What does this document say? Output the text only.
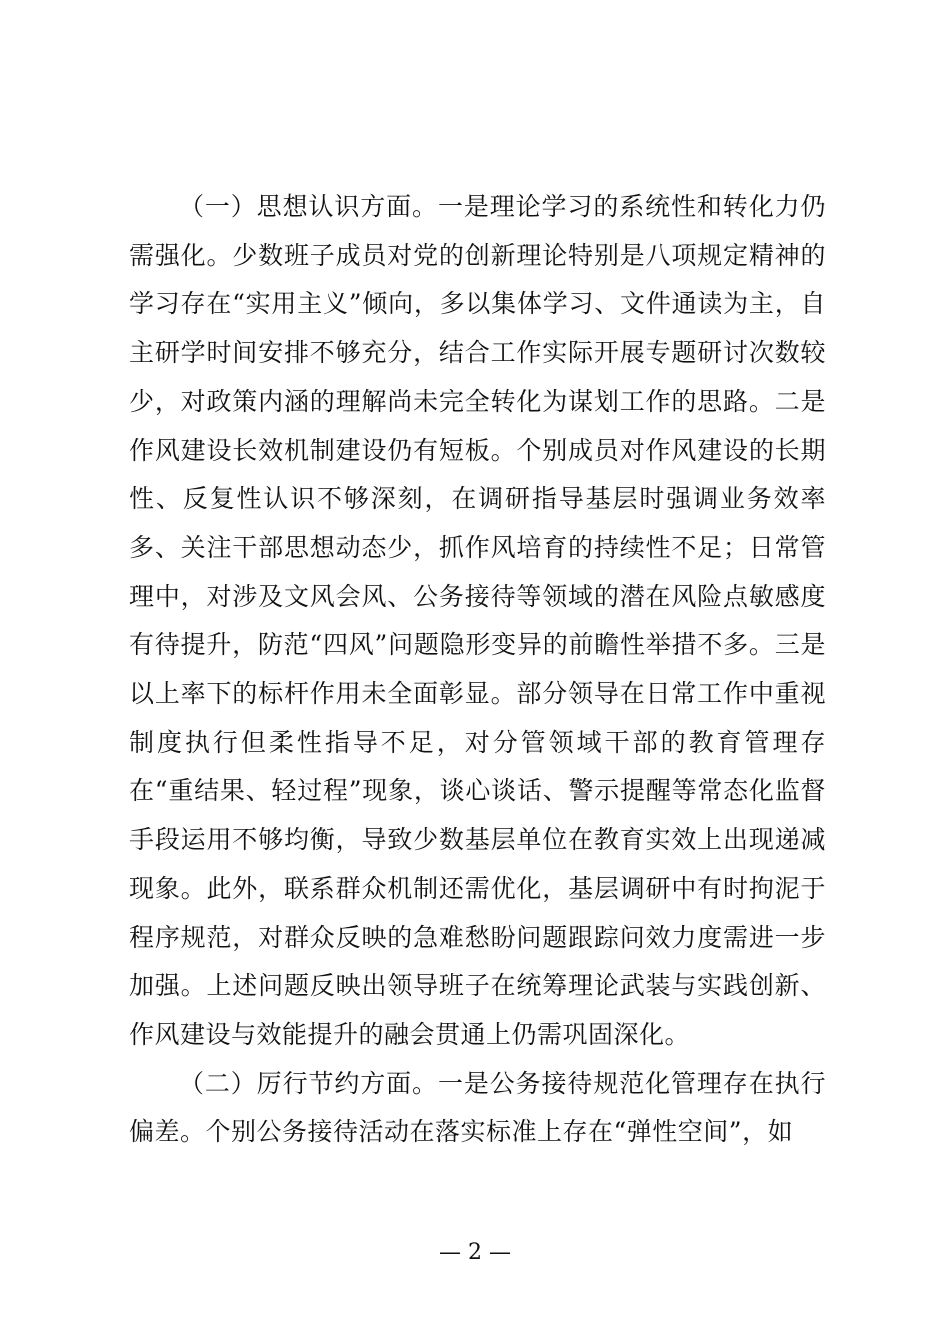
（一）思想认识方面。一是理论学习的系统性和转化力仍需强化。少数班子成员对党的创新理论特别是八项规定精神的学习存在“实用主义”倾向，多以集体学习、文件通读为主，自主研学时间安排不够充分，结合工作实际开展专题研讨次数较少，对政策内涵的理解尚未完全转化为谋划工作的思路。二是作风建设长效机制建设仍有短板。个别成员对作风建设的长期性、反复性认识不够深刻，在调研指导基层时强调业务效率多、关注干部思想动态少，抓作风培育的持续性不足；日常管理中，对涉及文风会风、公务接待等领域的潜在风险点敏感度有待提升，防范“四风”问题隐形变异的前瞻性举措不多。三是以上率下的标杆作用未全面彰显。部分领导在日常工作中重视制度执行但柔性指导不足，对分管领域干部的教育管理存在“重结果、轻过程”现象，谈心谈话、警示提醒等常态化监督手段运用不够均衡，导致少数基层单位在教育实效上出现递减现象。此外，联系群众机制还需优化，基层调研中有时拘泥于程序规范，对群众反映的急难愁盼问题跟踪问效力度需进一步加强。上述问题反映出领导班子在统筹理论武装与实践创新、作风建设与效能提升的融会贯通上仍需巩固深化。

（二）厉行节约方面。一是公务接待规范化管理存在执行偏差。个别公务接待活动在落实标准上存在“弹性空间”，如

— 2 —
